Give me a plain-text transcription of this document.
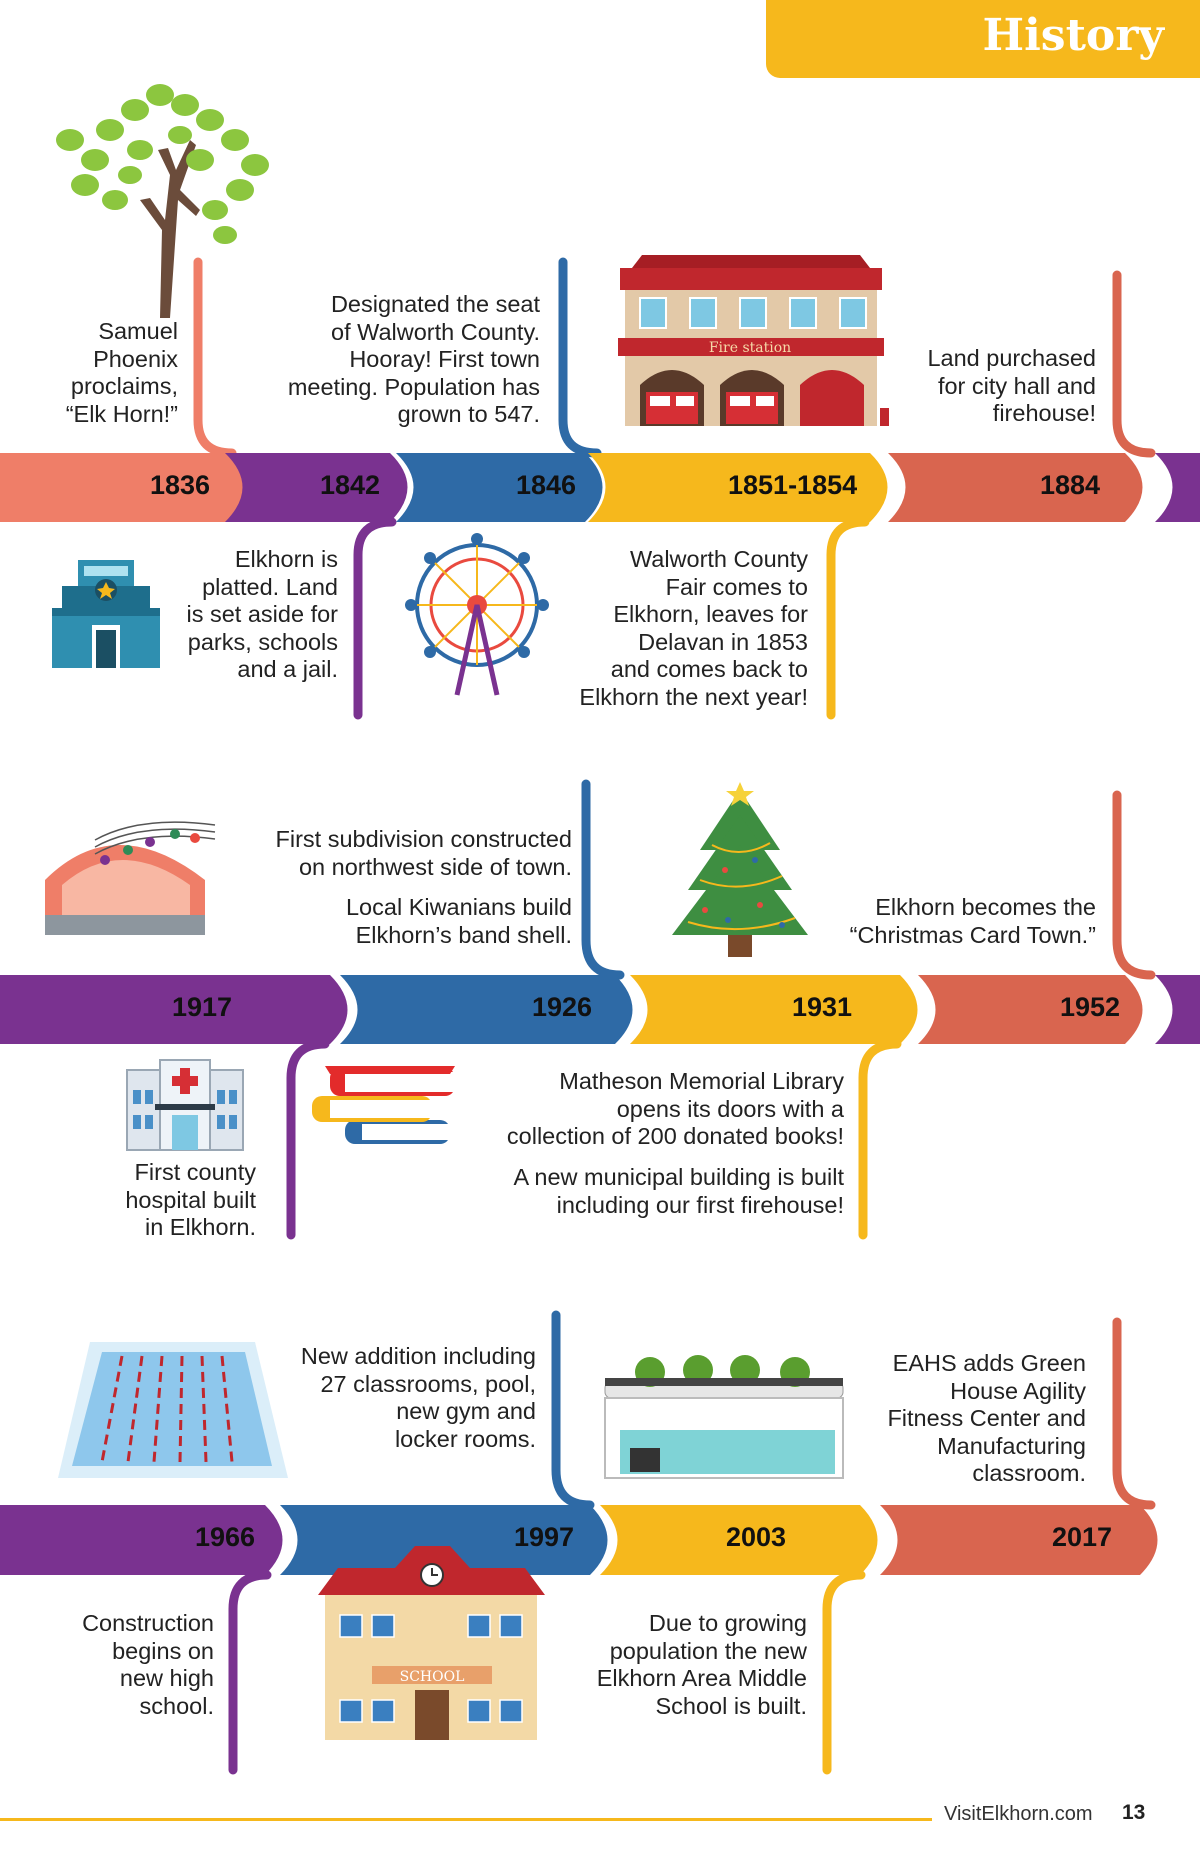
History
Fire station
SCHOOL
1836	1842	1846	1851-1854	1884
1917	1926	1931	1952
1966	1997	2003	2017
Samuel
Phoenix
proclaims,
“Elk Horn!”
Elkhorn is
platted. Land
is set aside for
parks, schools
and a jail.
Designated the seat
of Walworth County.
Hooray! First town
meeting. Population has
grown to 547.
Walworth County
Fair comes to
Elkhorn, leaves for
Delavan in 1853
and comes back to
Elkhorn the next year!
Land purchased
for city hall and
firehouse!
First county
hospital built
in Elkhorn.
First subdivision constructed
on northwest side of town.
Local Kiwanians build
Elkhorn’s band shell.
Matheson Memorial Library
opens its doors with a
collection of 200 donated books!
A new municipal building is built
including our first firehouse!
Elkhorn becomes the
“Christmas Card Town.”
Construction
begins on
new high
school.
New addition including
27 classrooms, pool,
new gym and
locker rooms.
Due to growing
population the new
Elkhorn Area Middle
School is built.
EAHS adds Green
House Agility
Fitness Center and
Manufacturing
classroom.
VisitElkhorn.com 13
